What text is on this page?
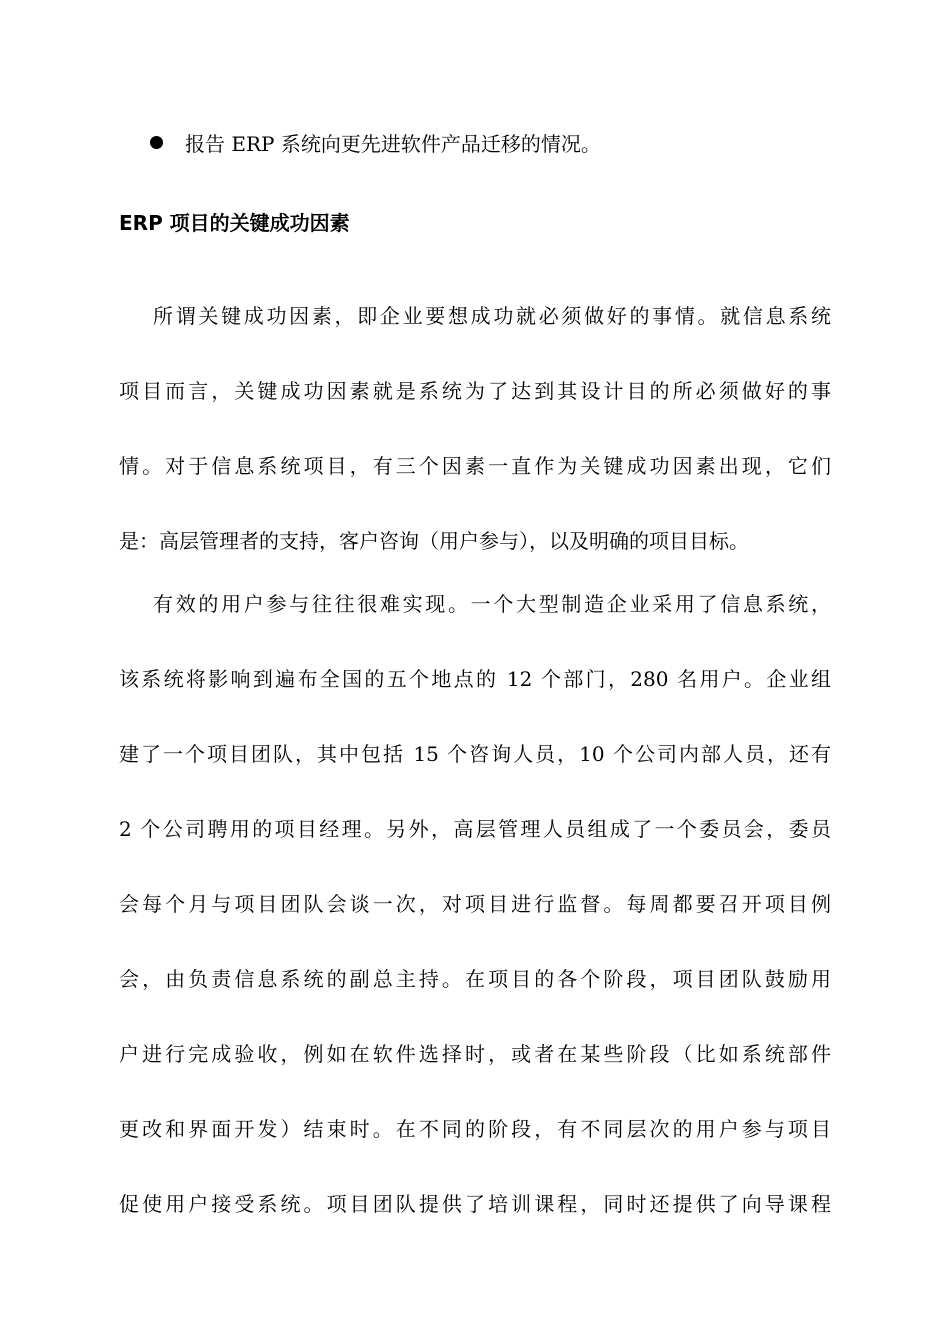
报告 ERP 系统向更先进软件产品迁移的情况。
ERP 项目的关键成功因素
所谓关键成功因素，即企业要想成功就必须做好的事情。就信息系统
项目而言，关键成功因素就是系统为了达到其设计目的所必须做好的事
情。对于信息系统项目，有三个因素一直作为关键成功因素出现，它们
是：高层管理者的支持，客户咨询（用户参与），以及明确的项目目标。
有效的用户参与往往很难实现。一个大型制造企业采用了信息系统，
该系统将影响到遍布全国的五个地点的 12 个部门，280 名用户。企业组
建了一个项目团队，其中包括 15 个咨询人员，10 个公司内部人员，还有
2 个公司聘用的项目经理。另外，高层管理人员组成了一个委员会，委员
会每个月与项目团队会谈一次，对项目进行监督。每周都要召开项目例
会，由负责信息系统的副总主持。在项目的各个阶段，项目团队鼓励用
户进行完成验收，例如在软件选择时，或者在某些阶段（比如系统部件
更改和界面开发）结束时。在不同的阶段，有不同层次的用户参与项目
促使用户接受系统。项目团队提供了培训课程，同时还提供了向导课程
